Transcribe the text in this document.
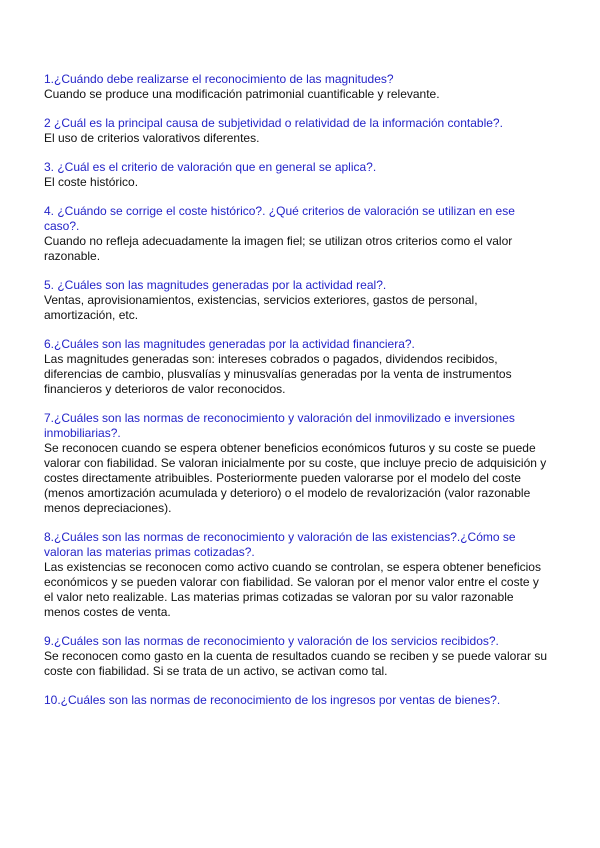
1.¿Cuándo debe realizarse el reconocimiento de las magnitudes?

Cuando se produce una modificación patrimonial cuantificable y relevante.

2 ¿Cuál es la principal causa de subjetividad o relatividad de la información contable?.

El uso de criterios valorativos diferentes.

3. ¿Cuál es el criterio de valoración que en general se aplica?.

El coste histórico.

4. ¿Cuándo se corrige el coste histórico?. ¿Qué criterios de valoración se utilizan en ese caso?.

Cuando no refleja adecuadamente la imagen fiel; se utilizan otros criterios como el valor razonable.

5. ¿Cuáles son las magnitudes generadas por la actividad real?.

Ventas, aprovisionamientos, existencias, servicios exteriores, gastos de personal, amortización, etc.

6.¿Cuáles son las magnitudes generadas por la actividad financiera?.

Las magnitudes generadas son: intereses cobrados o pagados, dividendos recibidos, diferencias de cambio, plusvalías y minusvalías generadas por la venta de instrumentos financieros y deterioros de valor reconocidos.

7.¿Cuáles son las normas de reconocimiento y valoración del inmovilizado e inversiones inmobiliarias?.

Se reconocen cuando se espera obtener beneficios económicos futuros y su coste se puede valorar con fiabilidad. Se valoran inicialmente por su coste, que incluye precio de adquisición y costes directamente atribuibles. Posteriormente pueden valorarse por el modelo del coste (menos amortización acumulada y deterioro) o el modelo de revalorización (valor razonable menos depreciaciones).

8.¿Cuáles son las normas de reconocimiento y valoración de las existencias?.¿Cómo se valoran las materias primas cotizadas?.

Las existencias se reconocen como activo cuando se controlan, se espera obtener beneficios económicos y se pueden valorar con fiabilidad. Se valoran por el menor valor entre el coste y el valor neto realizable. Las materias primas cotizadas se valoran por su valor razonable menos costes de venta.

9.¿Cuáles son las normas de reconocimiento y valoración de los servicios recibidos?.

Se reconocen como gasto en la cuenta de resultados cuando se reciben y se puede valorar su coste con fiabilidad. Si se trata de un activo, se activan como tal.

10.¿Cuáles son las normas de reconocimiento de los ingresos por ventas de bienes?.
